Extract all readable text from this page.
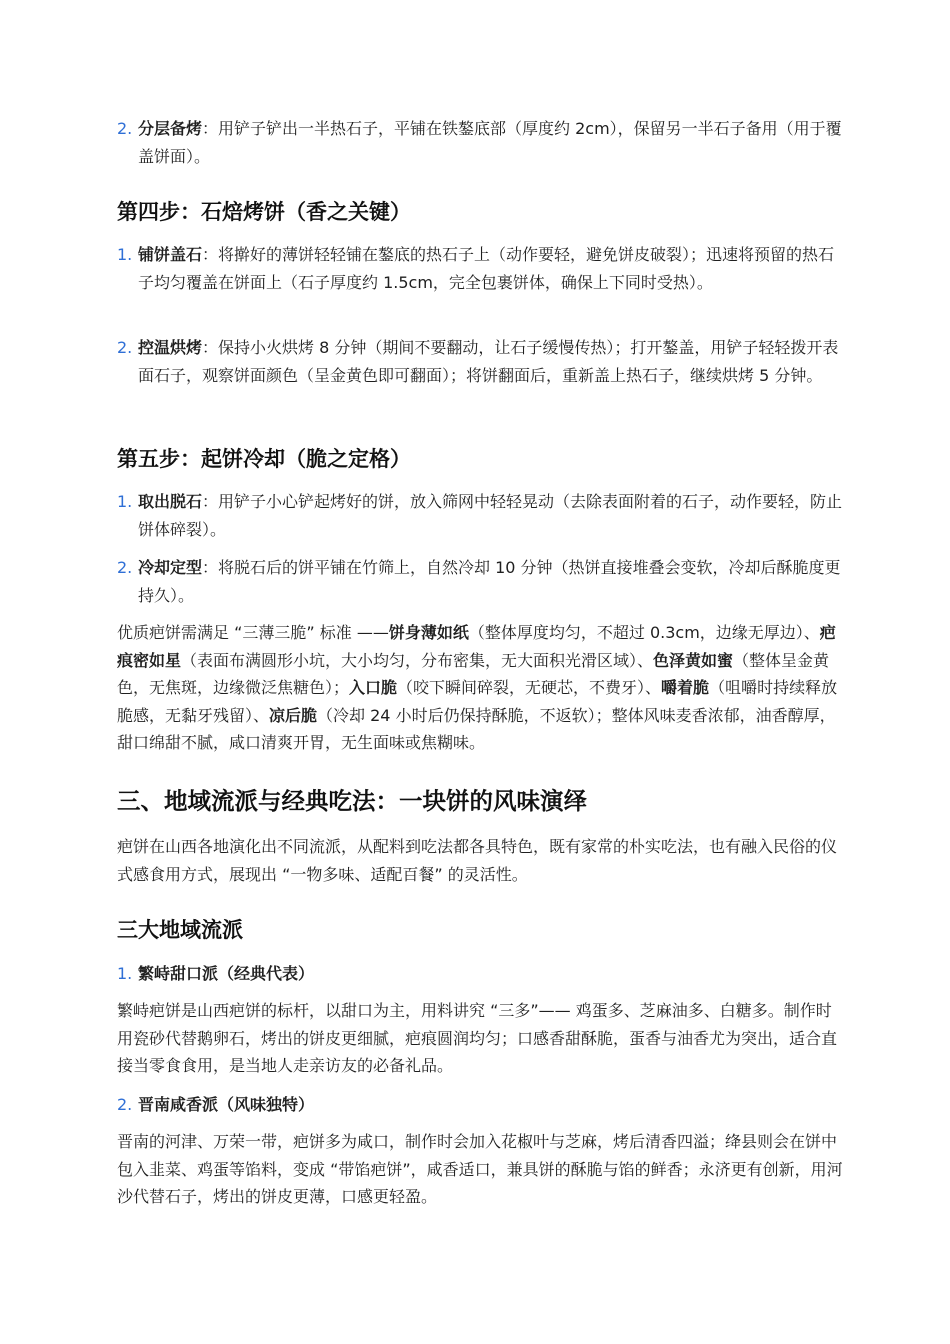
2. 分层备烤：用铲子铲出一半热石子，平铺在铁鏊底部（厚度约 2cm），保留另一半石子备用（用于覆盖饼面）。
第四步：石焙烤饼（香之关键）
1. 铺饼盖石：将擀好的薄饼轻轻铺在鏊底的热石子上（动作要轻，避免饼皮破裂）；迅速将预留的热石子均匀覆盖在饼面上（石子厚度约 1.5cm，完全包裹饼体，确保上下同时受热）。
2. 控温烘烤：保持小火烘烤 8 分钟（期间不要翻动，让石子缓慢传热）；打开鏊盖，用铲子轻轻拨开表面石子，观察饼面颜色（呈金黄色即可翻面）；将饼翻面后，重新盖上热石子，继续烘烤 5 分钟。
第五步：起饼冷却（脆之定格）
1. 取出脱石：用铲子小心铲起烤好的饼，放入筛网中轻轻晃动（去除表面附着的石子，动作要轻，防止饼体碎裂）。
2. 冷却定型：将脱石后的饼平铺在竹筛上，自然冷却 10 分钟（热饼直接堆叠会变软，冷却后酥脆度更持久）。

优质疤饼需满足 “三薄三脆” 标准 ——饼身薄如纸（整体厚度均匀，不超过 0.3cm，边缘无厚边）、疤痕密如星（表面布满圆形小坑，大小均匀，分布密集，无大面积光滑区域）、色泽黄如蜜（整体呈金黄色，无焦斑，边缘微泛焦糖色）；入口脆（咬下瞬间碎裂，无硬芯，不费牙）、嚼着脆（咀嚼时持续释放脆感，无黏牙残留）、凉后脆（冷却 24 小时后仍保持酥脆，不返软）；整体风味麦香浓郁，油香醇厚，甜口绵甜不腻，咸口清爽开胃，无生面味或焦糊味。

三、地域流派与经典吃法：一块饼的风味演绎

疤饼在山西各地演化出不同流派，从配料到吃法都各具特色，既有家常的朴实吃法，也有融入民俗的仪式感食用方式，展现出 “一物多味、适配百餐” 的灵活性。

三大地域流派
1. 繁峙甜口派（经典代表）

繁峙疤饼是山西疤饼的标杆，以甜口为主，用料讲究 “三多”—— 鸡蛋多、芝麻油多、白糖多。制作时用瓷砂代替鹅卵石，烤出的饼皮更细腻，疤痕圆润均匀；口感香甜酥脆，蛋香与油香尤为突出，适合直接当零食食用，是当地人走亲访友的必备礼品。

2. 晋南咸香派（风味独特）

晋南的河津、万荣一带，疤饼多为咸口，制作时会加入花椒叶与芝麻，烤后清香四溢；绛县则会在饼中包入韭菜、鸡蛋等馅料，变成 “带馅疤饼”，咸香适口，兼具饼的酥脆与馅的鲜香；永济更有创新，用河沙代替石子，烤出的饼皮更薄，口感更轻盈。
